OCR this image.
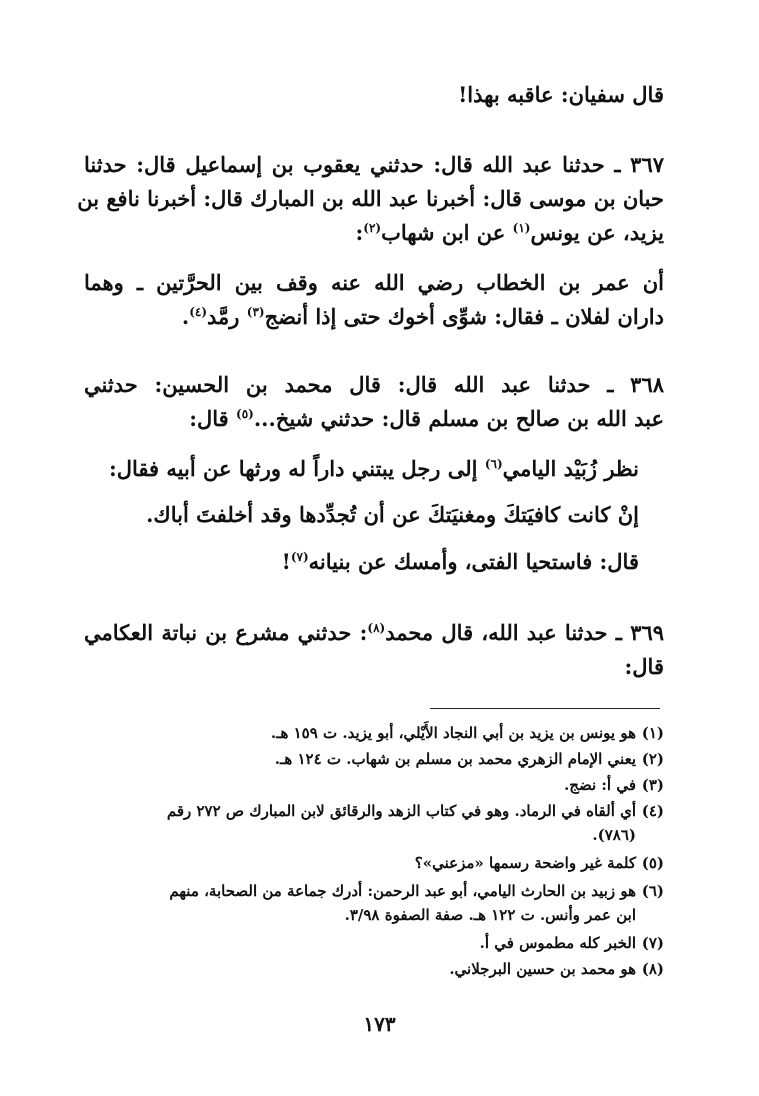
قال سفيان: عاقبه بهذا!
٣٦٧ ـ حدثنا عبد الله قال: حدثني يعقوب بن إسماعيل قال: حدثنا
حبان بن موسى قال: أخبرنا عبد الله بن المبارك قال: أخبرنا نافع بن
يزيد، عن يونس$^{(١)}$ عن ابن شهاب$^{(٢)}$:
أن عمر بن الخطاب رضي الله عنه وقف بين الحرَّتين ـ وهما
داران لفلان ـ فقال: شوِّى أخوك حتى إذا أنضج$^{(٣)}$ رمَّد$^{(٤)}$.
٣٦٨ ـ حدثنا عبد الله قال: قال محمد بن الحسين: حدثني
عبد الله بن صالح بن مسلم قال: حدثني شيخ...$^{(٥)}$ قال:
نظر زُبَيْد اليامي$^{(٦)}$ إلى رجل يبتني داراً له ورثها عن أبيه فقال:
إنْ كانت كافيَتكَ ومغنيَتكَ عن أن تُجدِّدها وقد أخلفتَ أباك.
قال: فاستحيا الفتى، وأمسك عن بنيانه$^{(٧)}$!
٣٦٩ ـ حدثنا عبد الله، قال محمد$^{(٨)}$: حدثني مشرع بن نباتة العكامي
قال:
(١)هو يونس بن يزيد بن أبي النجاد الأَيْلي، أبو يزيد. ت ١٥٩ هـ.
(٢)يعني الإمام الزهري محمد بن مسلم بن شهاب. ت ١٢٤ هـ.
(٣)في أ: نضج.
(٤)أي ألقاه في الرماد. وهو في كتاب الزهد والرقائق لابن المبارك ص ٢٧٢ رقم
(٧٨٦).
(٥)كلمة غير واضحة رسمها «مزعني»؟
(٦)هو زبيد بن الحارث اليامي، أبو عبد الرحمن: أدرك جماعة من الصحابة، منهم
ابن عمر وأنس. ت ١٢٢ هـ. صفة الصفوة ٣/٩٨.
(٧)الخبر كله مطموس في أ.
(٨)هو محمد بن حسين البرجلاني.
١٧٣
